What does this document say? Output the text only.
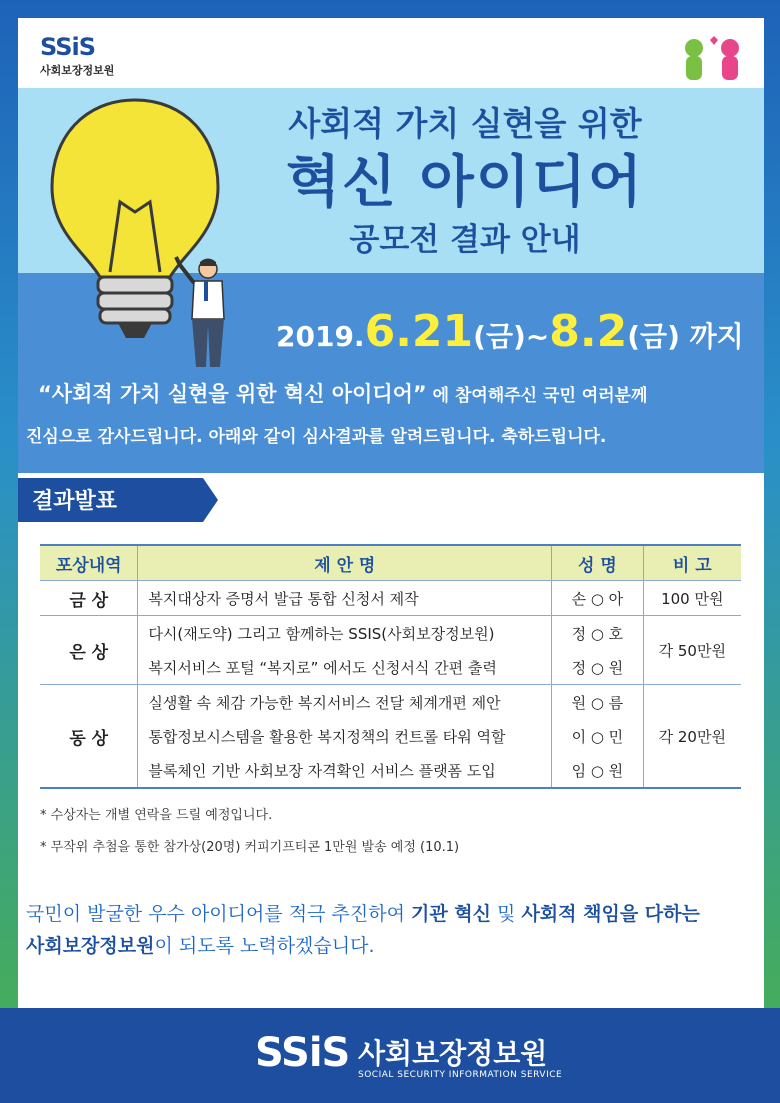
SSiS
사회보장정보원
사회적 가치 실현을 위한
혁신 아이디어
공모전 결과 안내
2019.6.21(금)~8.2(금) 까지
“사회적 가치 실현을 위한 혁신 아이디어” 에 참여해주신 국민 여러분께
진심으로 감사드립니다. 아래와 같이 심사결과를 알려드립니다. 축하드립니다.
결과발표
포상내역	제 안 명	성 명	비 고
금 상	복지대상자 증명서 발급 통합 신청서 제작	손 ○ 아	100 만원
은 상	다시(재도약) 그리고 함께하는 SSIS(사회보장정보원)	정 ○ 호	각 50만원
	복지서비스 포털 “복지로” 에서도 신청서식 간편 출력	정 ○ 원	
동 상	실생활 속 체감 가능한 복지서비스 전달 체계개편 제안	원 ○ 름	각 20만원
	통합정보시스템을 활용한 복지정책의 컨트롤 타워 역할	이 ○ 민	
	블록체인 기반 사회보장 자격확인 서비스 플랫폼 도입	임 ○ 원	
* 수상자는 개별 연락을 드릴 예정입니다.
* 무작위 추첨을 통한 참가상(20명) 커피기프티콘 1만원 발송 예정 (10.1)
국민이 발굴한 우수 아이디어를 적극 추진하여 기관 혁신 및 사회적 책임을 다하는
사회보장정보원이 되도록 노력하겠습니다.
SSiS 사회보장정보원
SOCIAL SECURITY INFORMATION SERVICE
